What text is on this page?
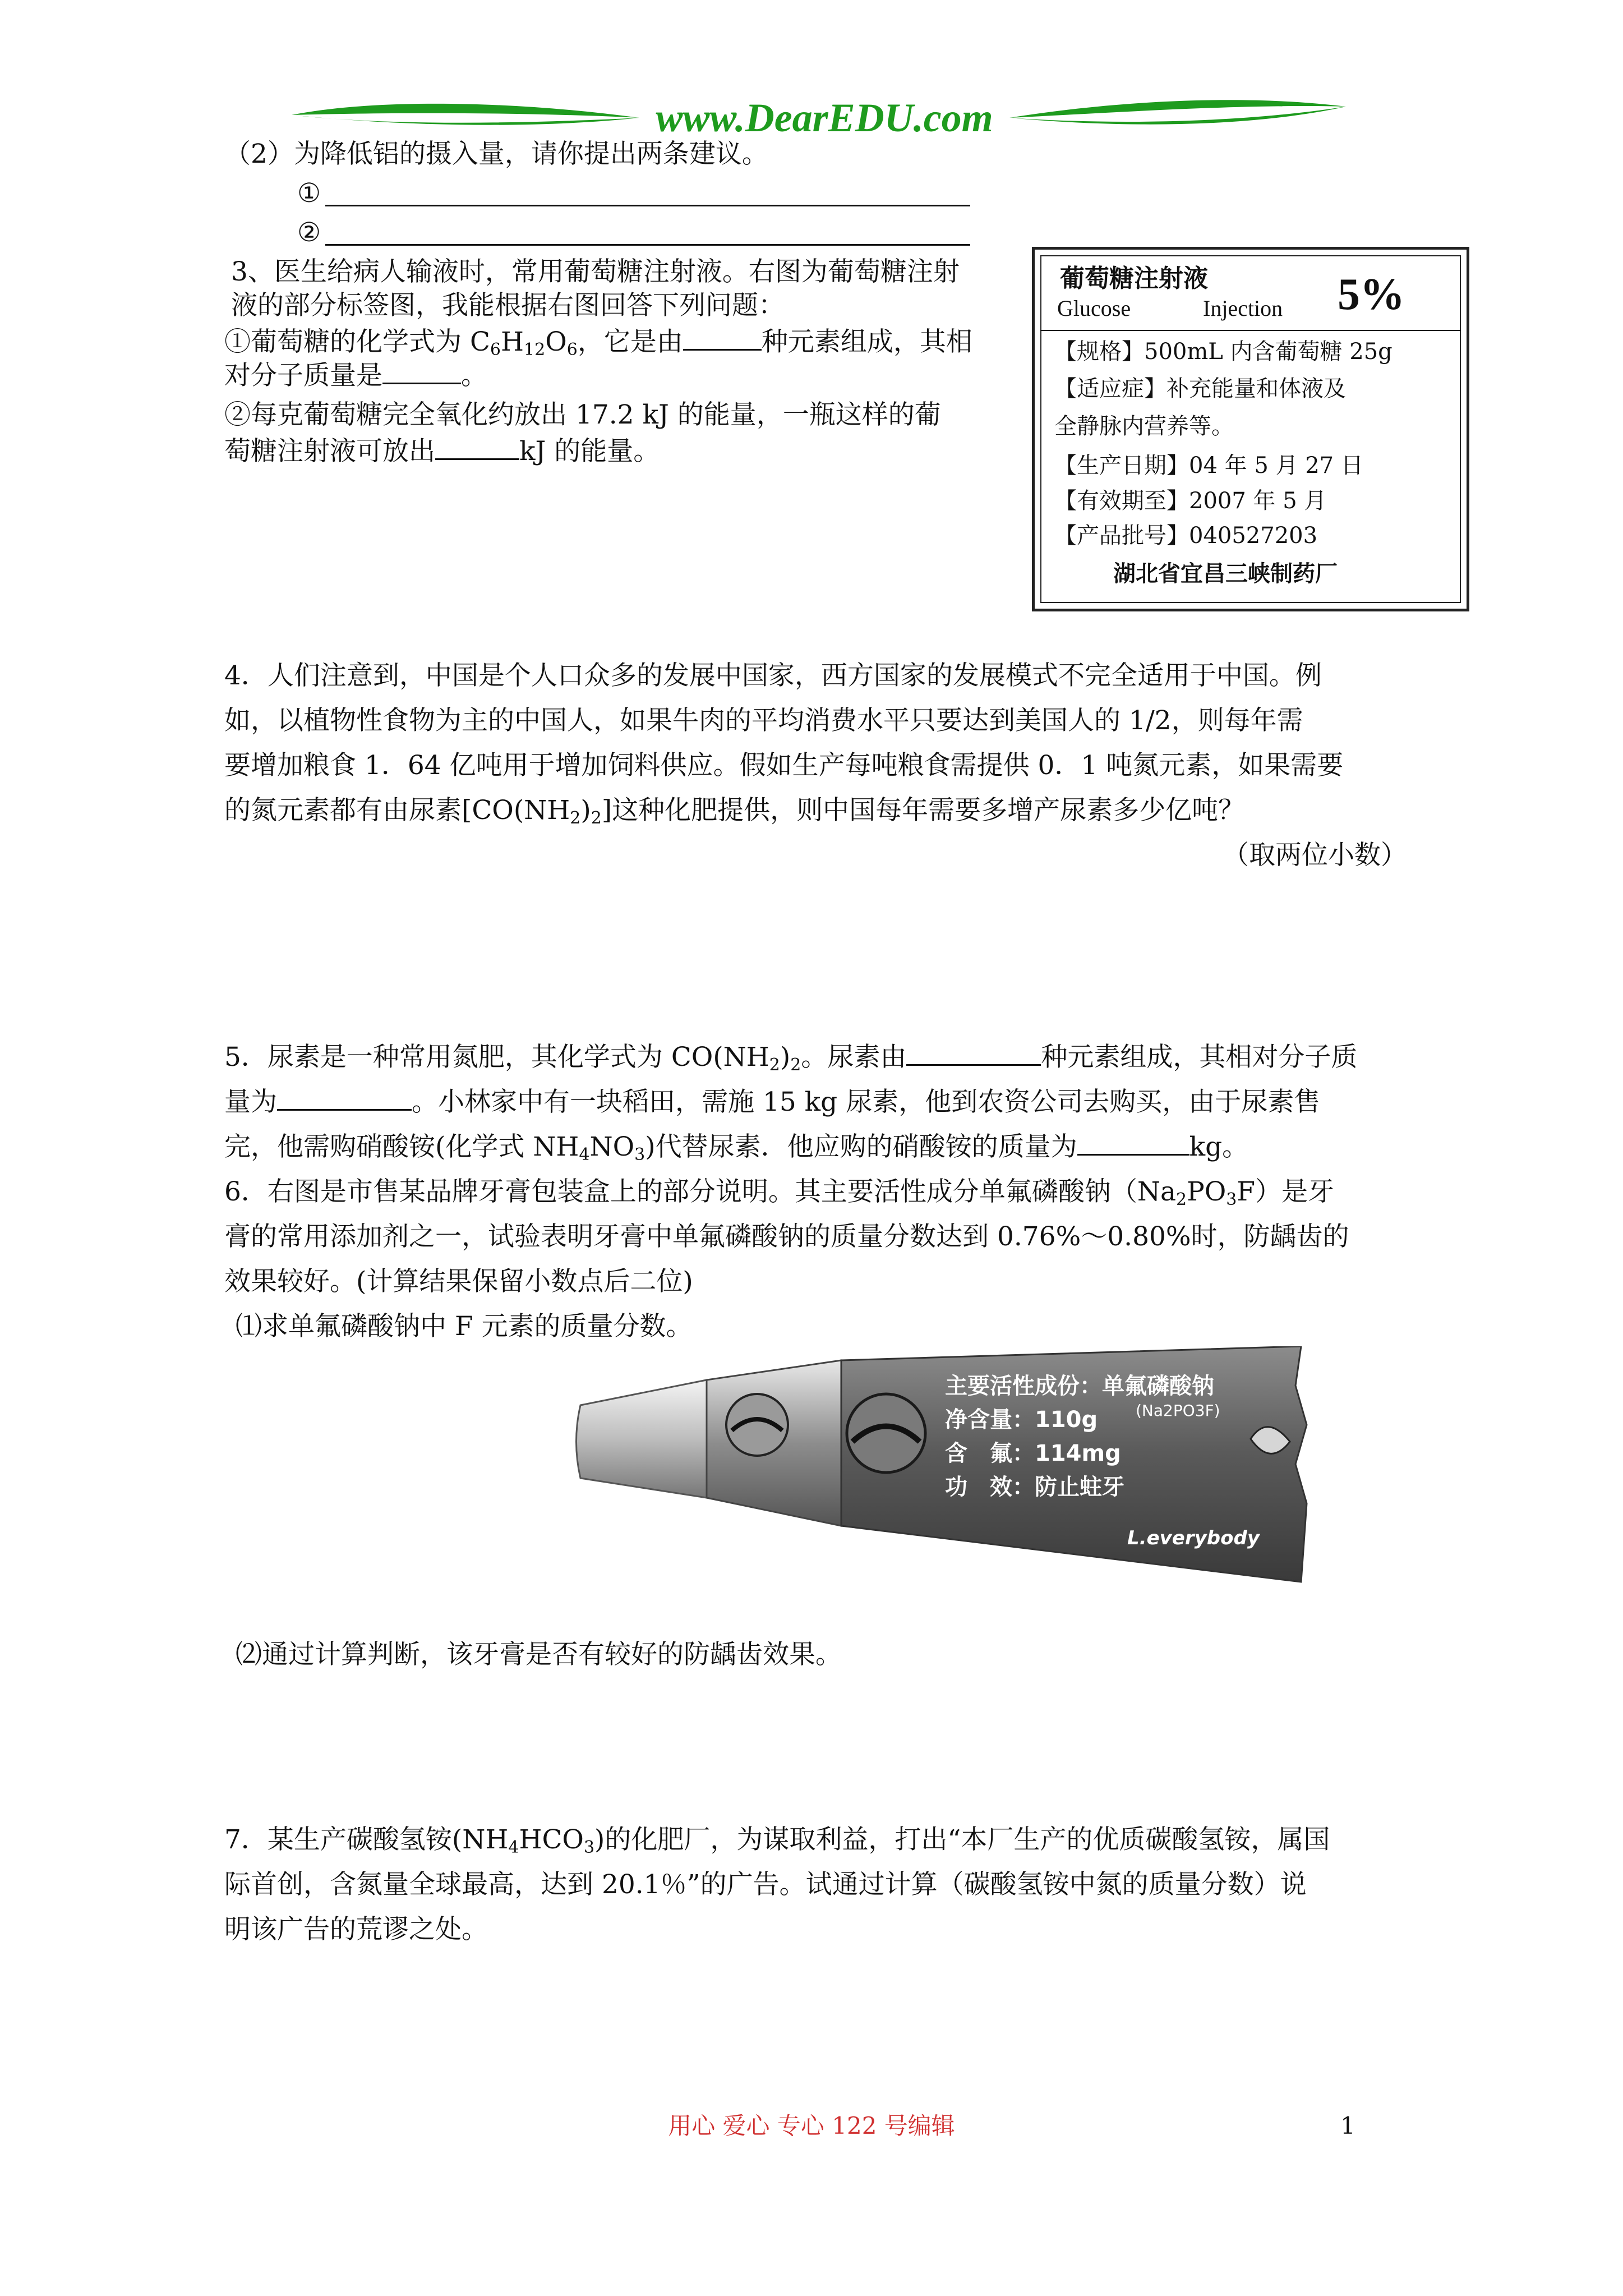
www.DearEDU.com
（2）为降低铝的摄入量，请你提出两条建议。
①
②
3、医生给病人输液时，常用葡萄糖注射液。右图为葡萄糖注射
液的部分标签图，我能根据右图回答下列问题：
①葡萄糖的化学式为 $C_6H_{12}O_6$，它是由	种元素组成，其相
对分子质量是	。
②每克葡萄糖完全氧化约放出 17.2 kJ 的能量，一瓶这样的葡
萄糖注射液可放出	kJ 的能量。
葡萄糖注射液
Glucose	Injection 5%
【规格】500mL 内含葡萄糖 25g
【适应症】补充能量和体液及
全静脉内营养等。
【生产日期】04 年 5 月 27 日
【有效期至】2007 年 5 月
【产品批号】040527203
湖北省宜昌三峡制药厂
4．人们注意到，中国是个人口众多的发展中国家，西方国家的发展模式不完全适用于中国。例
如，以植物性食物为主的中国人，如果牛肉的平均消费水平只要达到美国人的 1/2，则每年需
要增加粮食 1．64 亿吨用于增加饲料供应。假如生产每吨粮食需提供 0．1 吨氮元素，如果需要
的氮元素都有由尿素$[CO(NH_2)_2]$这种化肥提供，则中国每年需要多增产尿素多少亿吨？
（取两位小数）
5．尿素是一种常用氮肥，其化学式为 $CO(NH_2)_2$。尿素由	种元素组成，其相对分子质
量为	。小林家中有一块稻田，需施 15 kg 尿素，他到农资公司去购买，由于尿素售
完，他需购硝酸铵(化学式 $NH_4NO_3$)代替尿素．他应购的硝酸铵的质量为	kg。
6．右图是市售某品牌牙膏包装盒上的部分说明。其主要活性成分单氟磷酸钠$(Na_2PO_3F)$是牙
膏的常用添加剂之一，试验表明牙膏中单氟磷酸钠的质量分数达到 0.76%～0.80%时，防龋齿的
效果较好。(计算结果保留小数点后二位)
⑴求单氟磷酸钠中 F 元素的质量分数。
主要活性成份：单氟磷酸钠
(Na2PO3F)
净含量：110g
含　氟：114mg
功　效：防止蛀牙
L.everybody
⑵通过计算判断，该牙膏是否有较好的防龋齿效果。
7．某生产碳酸氢铵$(NH_4HCO_3)$的化肥厂，为谋取利益，打出“本厂生产的优质碳酸氢铵，属国
际首创，含氮量全球最高，达到 20.1％”的广告。试通过计算（碳酸氢铵中氮的质量分数）说
明该广告的荒谬之处。
用心 爱心 专心 122 号编辑	1
